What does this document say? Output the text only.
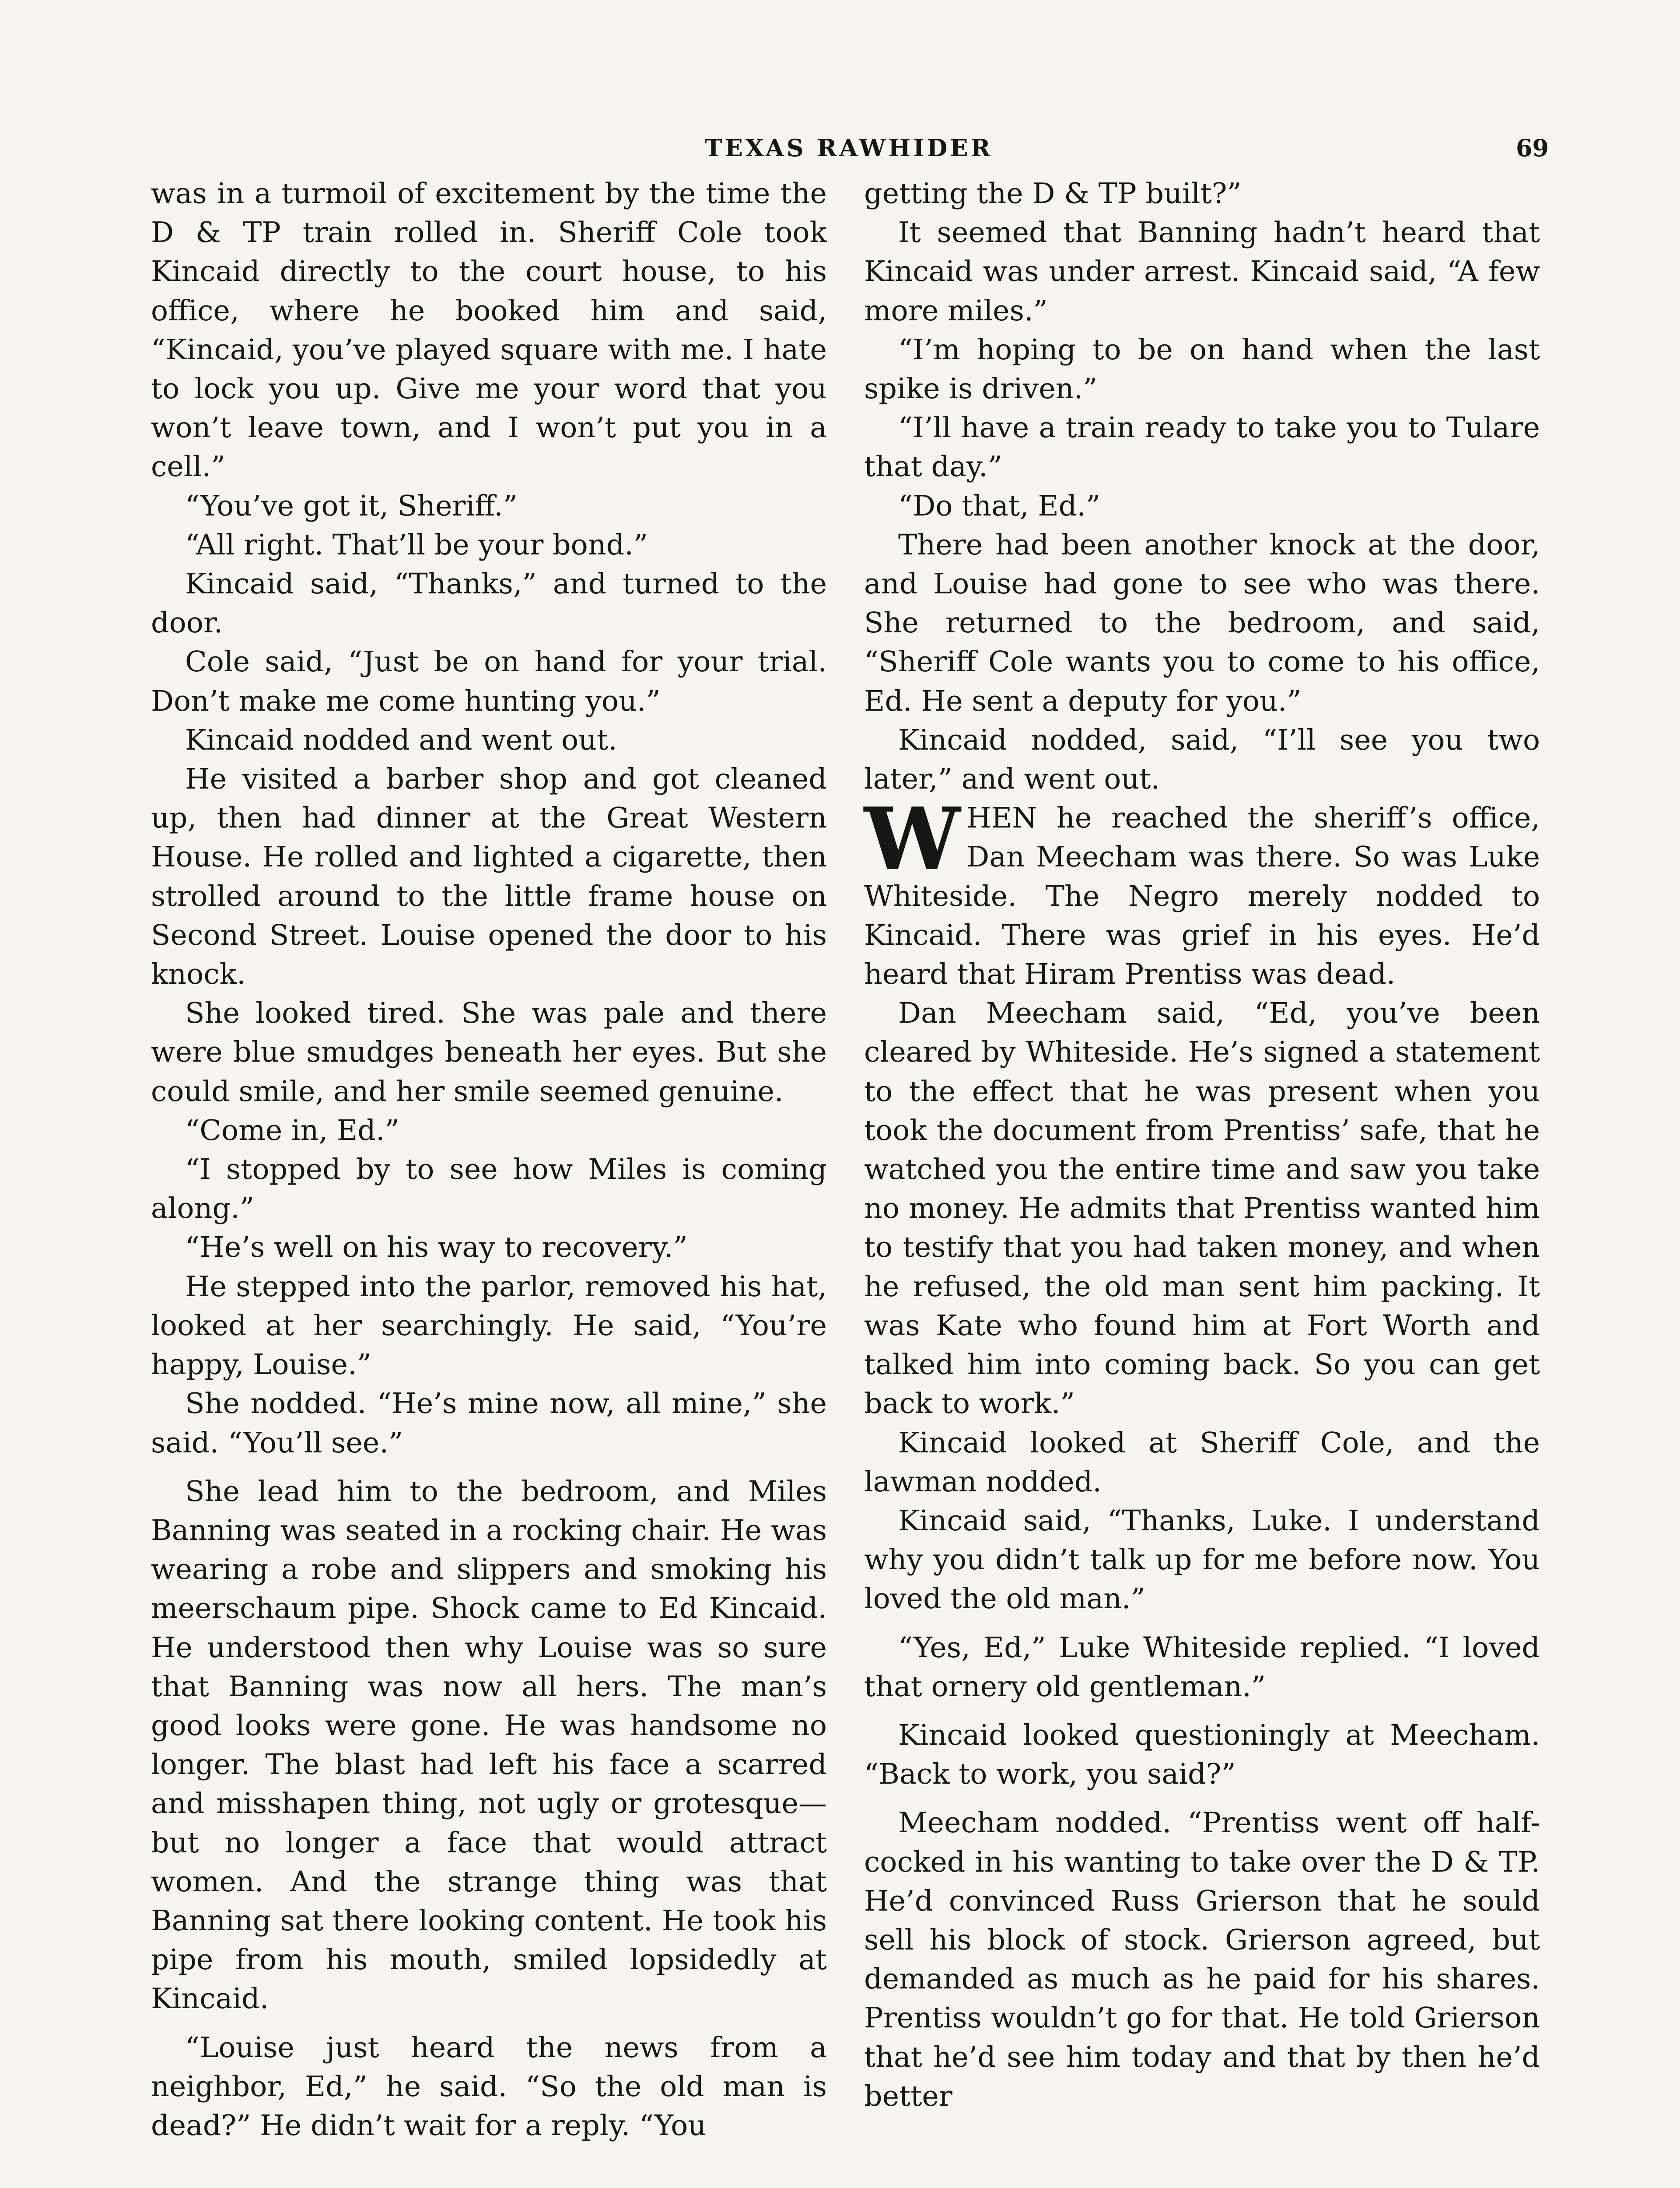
TEXAS RAWHIDER	69

was in a turmoil of excitement by the time the D & TP train rolled in. Sheriff Cole took Kincaid directly to the court house, to his office, where he booked him and said, “Kincaid, you’ve played square with me. I hate to lock you up. Give me your word that you won’t leave town, and I won’t put you in a cell.”

“You’ve got it, Sheriff.”

“All right. That’ll be your bond.”

Kincaid said, “Thanks,” and turned to the door.

Cole said, “Just be on hand for your trial. Don’t make me come hunting you.”

Kincaid nodded and went out.

He visited a barber shop and got cleaned up, then had dinner at the Great Western House. He rolled and lighted a cigarette, then strolled around to the little frame house on Second Street. Louise opened the door to his knock.

She looked tired. She was pale and there were blue smudges beneath her eyes. But she could smile, and her smile seemed genuine.

“Come in, Ed.”

“I stopped by to see how Miles is coming along.”

“He’s well on his way to recovery.”

He stepped into the parlor, removed his hat, looked at her searchingly. He said, “You’re happy, Louise.”

She nodded. “He’s mine now, all mine,” she said. “You’ll see.”

She lead him to the bedroom, and Miles Banning was seated in a rocking chair. He was wearing a robe and slippers and smoking his meerschaum pipe. Shock came to Ed Kincaid. He understood then why Louise was so sure that Banning was now all hers. The man’s good looks were gone. He was handsome no longer. The blast had left his face a scarred and misshapen thing, not ugly or grotesque—but no longer a face that would attract women. And the strange thing was that Banning sat there looking content. He took his pipe from his mouth, smiled lopsidedly at Kincaid.

“Louise just heard the news from a neighbor, Ed,” he said. “So the old man is dead?” He didn’t wait for a reply. “You

getting the D & TP built?”

It seemed that Banning hadn’t heard that Kincaid was under arrest. Kincaid said, “A few more miles.”

“I’m hoping to be on hand when the last spike is driven.”

“I’ll have a train ready to take you to Tulare that day.”

“Do that, Ed.”

There had been another knock at the door, and Louise had gone to see who was there. She returned to the bedroom, and said, “Sheriff Cole wants you to come to his office, Ed. He sent a deputy for you.”

Kincaid nodded, said, “I’ll see you two later,” and went out.

WHEN he reached the sheriff’s office, Dan Meecham was there. So was Luke Whiteside. The Negro merely nodded to Kincaid. There was grief in his eyes. He’d heard that Hiram Prentiss was dead.

Dan Meecham said, “Ed, you’ve been cleared by Whiteside. He’s signed a statement to the effect that he was present when you took the document from Prentiss’ safe, that he watched you the entire time and saw you take no money. He admits that Prentiss wanted him to testify that you had taken money, and when he refused, the old man sent him packing. It was Kate who found him at Fort Worth and talked him into coming back. So you can get back to work.”

Kincaid looked at Sheriff Cole, and the lawman nodded.

Kincaid said, “Thanks, Luke. I understand why you didn’t talk up for me before now. You loved the old man.”

“Yes, Ed,” Luke Whiteside replied. “I loved that ornery old gentleman.”

Kincaid looked questioningly at Meecham. “Back to work, you said?”

Meecham nodded. “Prentiss went off half-cocked in his wanting to take over the D & TP. He’d convinced Russ Grierson that he sould sell his block of stock. Grierson agreed, but demanded as much as he paid for his shares. Prentiss wouldn’t go for that. He told Grierson that he’d see him today and that by then he’d better
